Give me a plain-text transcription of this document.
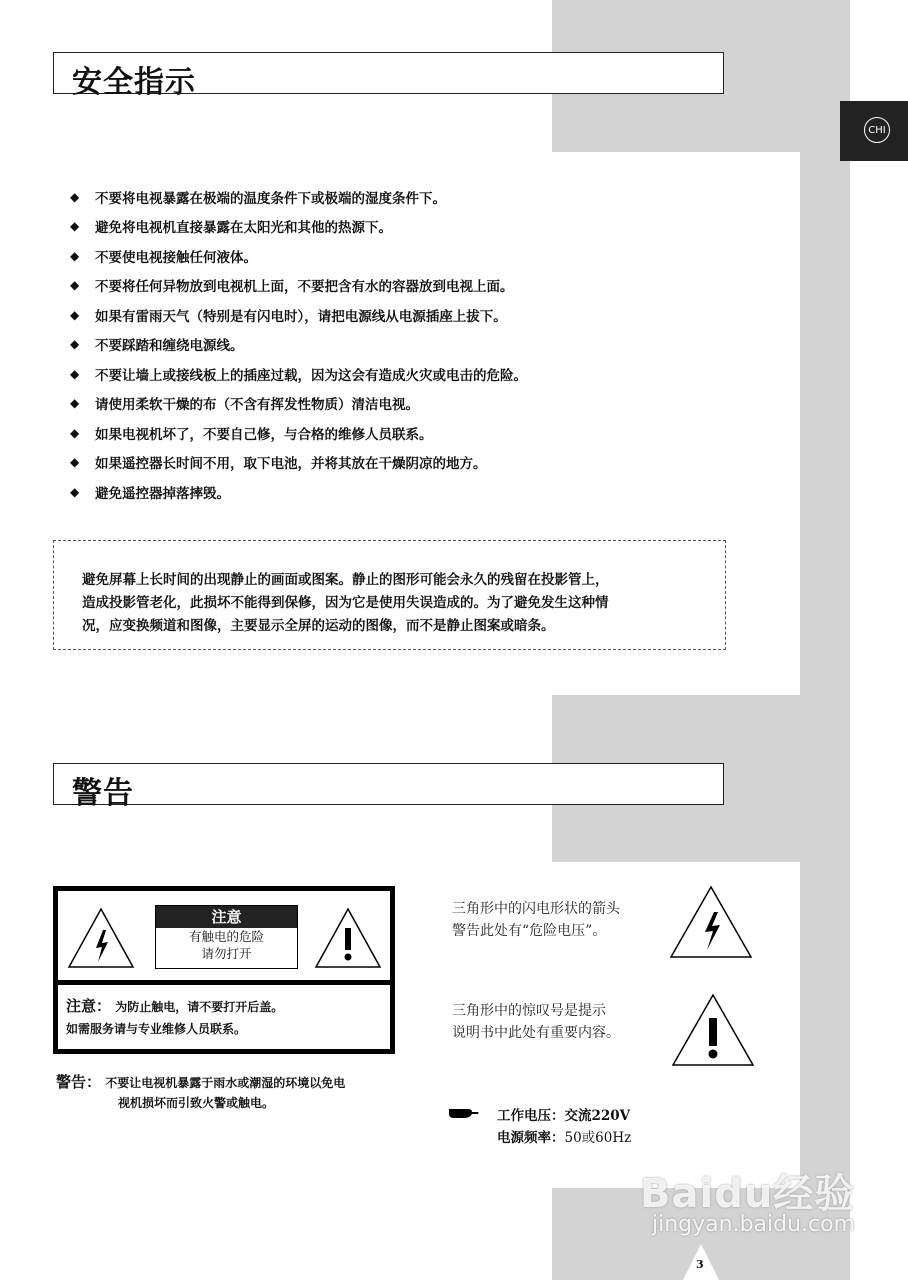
CHI
安全指示
◆	不要将电视暴露在极端的温度条件下或极端的湿度条件下。
◆	避免将电视机直接暴露在太阳光和其他的热源下。
◆	不要使电视接触任何液体。
◆	不要将任何异物放到电视机上面，不要把含有水的容器放到电视上面。
◆	如果有雷雨天气（特别是有闪电时），请把电源线从电源插座上拔下。
◆	不要踩踏和缠绕电源线。
◆	不要让墙上或接线板上的插座过载，因为这会有造成火灾或电击的危险。
◆	请使用柔软干燥的布（不含有挥发性物质）清洁电视。
◆	如果电视机坏了，不要自己修，与合格的维修人员联系。
◆	如果遥控器长时间不用，取下电池，并将其放在干燥阴凉的地方。
◆	避免遥控器掉落摔毁。
避免屏幕上长时间的出现静止的画面或图案。静止的图形可能会永久的残留在投影管上，
造成投影管老化，此损坏不能得到保修，因为它是使用失误造成的。为了避免发生这种情
况，应变换频道和图像，主要显示全屏的运动的图像，而不是静止图案或暗条。
警告
注意
有触电的危险
请勿打开
注意： 为防止触电，请不要打开后盖。
如需服务请与专业维修人员联系。
警告： 不要让电视机暴露于雨水或潮湿的环境以免电
视机损坏而引致火警或触电。
三角形中的闪电形状的箭头
警告此处有“危险电压”。
三角形中的惊叹号是提示
说明书中此处有重要内容。
工作电压：交流220V
电源频率：50或60Hz
Baidu经验
jingyan.baidu.com
3
